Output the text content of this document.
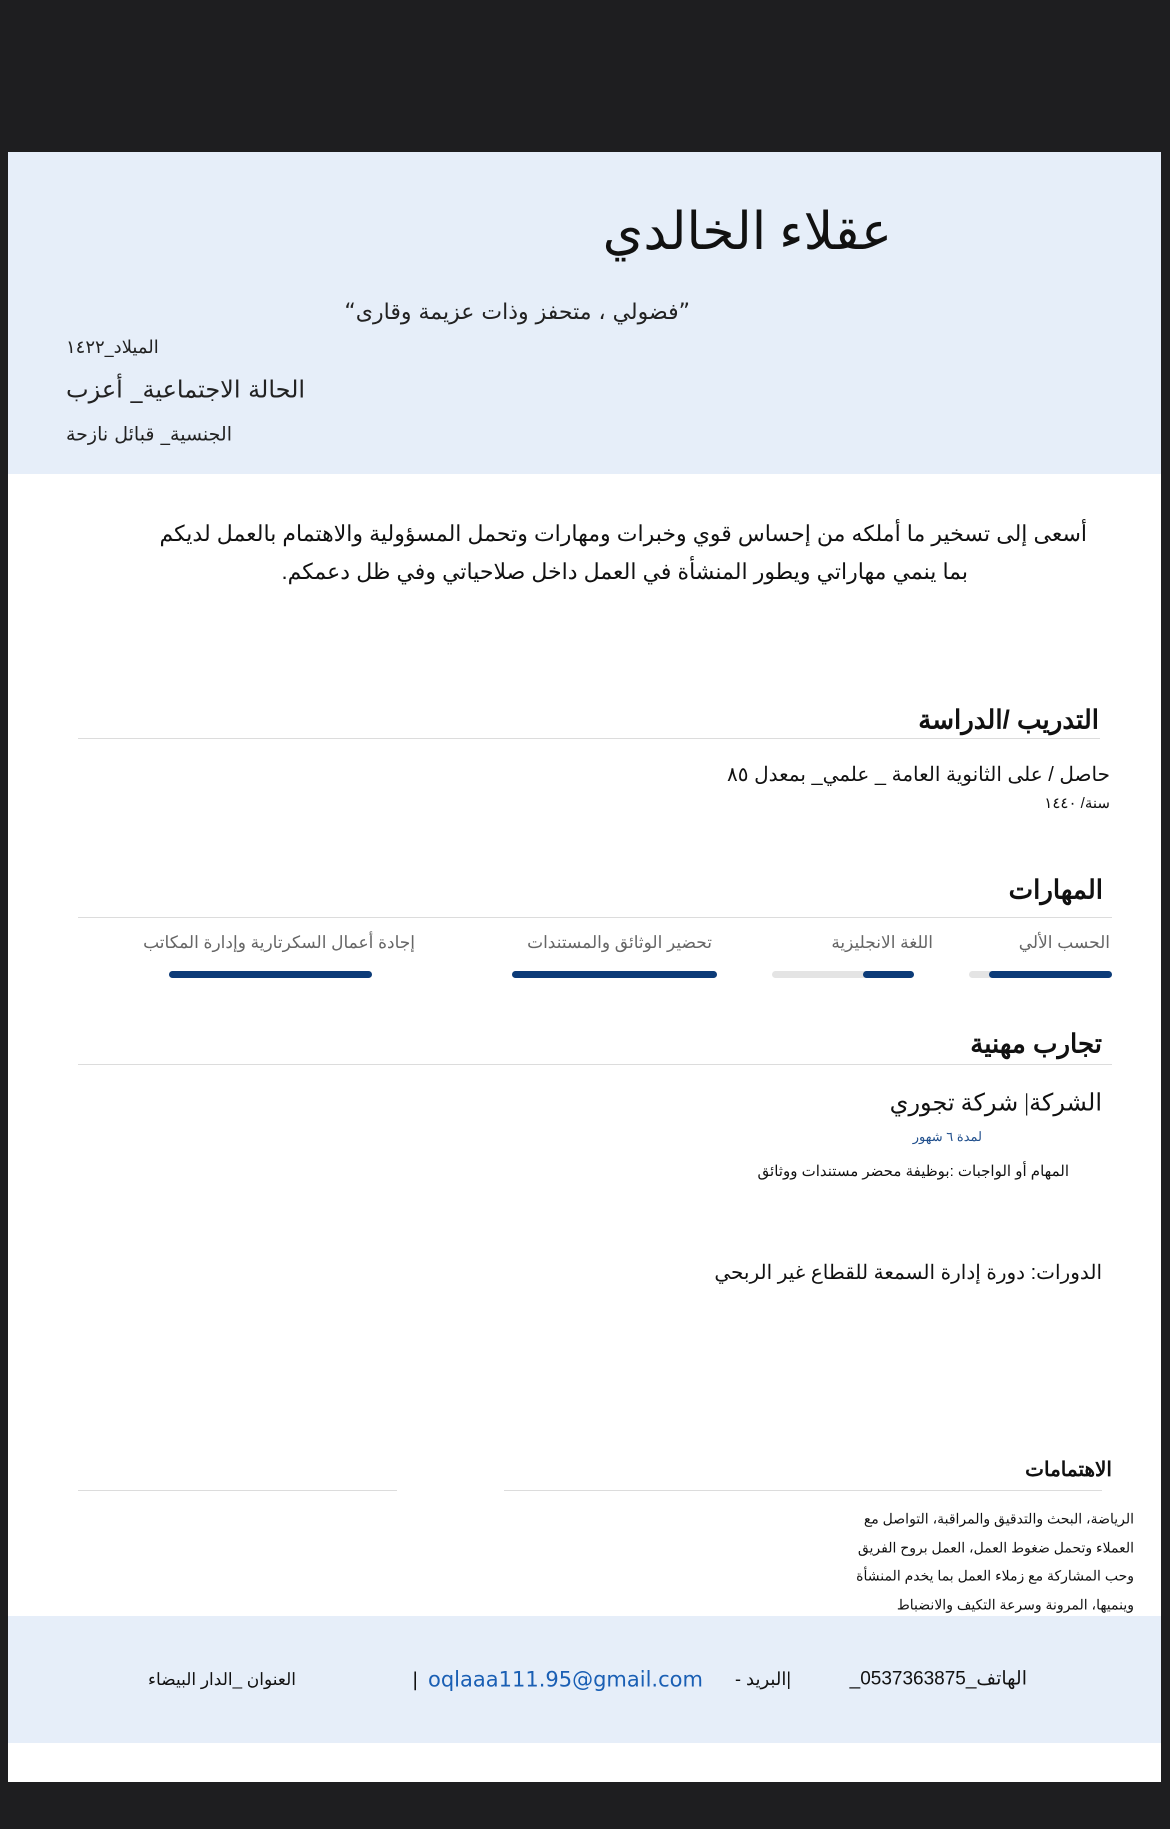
عقلاء الخالدي
”فضولي ، متحفز وذات عزيمة وقارى“
الميلاد_١٤٢٢
الحالة الاجتماعية_ أعزب
الجنسية_ قبائل نازحة
أسعى إلى تسخير ما أملكه من إحساس قوي وخبرات ومهارات وتحمل المسؤولية والاهتمام بالعمل لديكم
بما ينمي مهاراتي ويطور المنشأة في العمل داخل صلاحياتي وفي ظل دعمكم.
التدريب /الدراسة
حاصل / على الثانوية العامة _ علمي_ بمعدل ٨٥
سنة/ ١٤٤٠
المهارات
الحسب الألي
اللغة الانجليزية
تحضير الوثائق والمستندات
إجادة أعمال السكرتارية وإدارة المكاتب
تجارب مهنية
الشركة| شركة تجوري
لمدة ٦ شهور
المهام أو الواجبات :بوظيفة محضر مستندات ووثائق
الدورات: دورة إدارة السمعة للقطاع غير الربحي
الاهتمامات
الرياضة، البحث والتدقيق والمراقبة، التواصل مع
العملاء وتحمل ضغوط العمل، العمل بروح الفريق
وحب المشاركة مع زملاء العمل بما يخدم المنشأة
وينميها، المرونة وسرعة التكيف والانضباط
الهاتف_0537363875_
|البريد -
oqlaaa111.95@gmail.com
|
العنوان _الدار البيضاء
